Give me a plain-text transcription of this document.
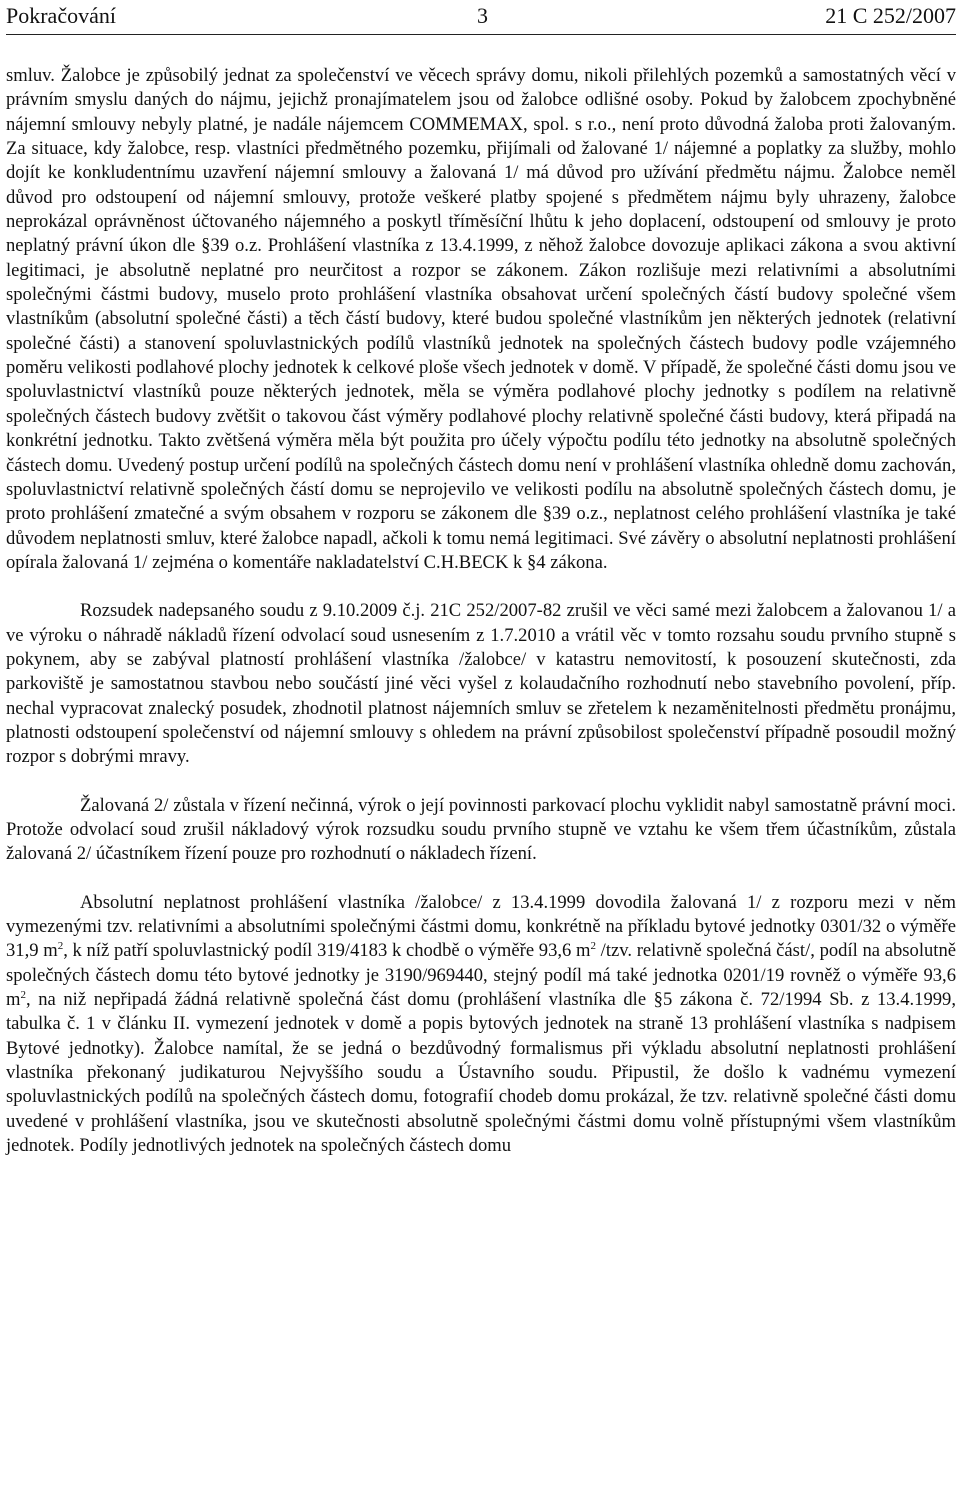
Pokračování	3	21 C 252/2007

smluv. Žalobce je způsobilý jednat za společenství ve věcech správy domu, nikoli přilehlých pozemků a samostatných věcí v právním smyslu daných do nájmu, jejichž pronajímatelem jsou od žalobce odlišné osoby. Pokud by žalobcem zpochybněné nájemní smlouvy nebyly platné, je nadále nájemcem COMMEMAX, spol. s r.o., není proto důvodná žaloba proti žalovaným. Za situace, kdy žalobce, resp. vlastníci předmětného pozemku, přijímali od žalované 1/ nájemné a poplatky za služby, mohlo dojít ke konkludentnímu uzavření nájemní smlouvy a žalovaná 1/ má důvod pro užívání předmětu nájmu. Žalobce neměl důvod pro odstoupení od nájemní smlouvy, protože veškeré platby spojené s předmětem nájmu byly uhrazeny, žalobce neprokázal oprávněnost účtovaného nájemného a poskytl tříměsíční lhůtu k jeho doplacení, odstoupení od smlouvy je proto neplatný právní úkon dle §39 o.z. Prohlášení vlastníka z 13.4.1999, z něhož žalobce dovozuje aplikaci zákona a svou aktivní legitimaci, je absolutně neplatné pro neurčitost a rozpor se zákonem. Zákon rozlišuje mezi relativními a absolutními společnými částmi budovy, muselo proto prohlášení vlastníka obsahovat určení společných částí budovy společné všem vlastníkům (absolutní společné části) a těch částí budovy, které budou společné vlastníkům jen některých jednotek (relativní společné části) a stanovení spoluvlastnických podílů vlastníků jednotek na společných částech budovy podle vzájemného poměru velikosti podlahové plochy jednotek k celkové ploše všech jednotek v domě. V případě, že společné části domu jsou ve spoluvlastnictví vlastníků pouze některých jednotek, měla se výměra podlahové plochy jednotky s podílem na relativně společných částech budovy zvětšit o takovou část výměry podlahové plochy relativně společné části budovy, která připadá na konkrétní jednotku. Takto zvětšená výměra měla být použita pro účely výpočtu podílu této jednotky na absolutně společných částech domu. Uvedený postup určení podílů na společných částech domu není v prohlášení vlastníka ohledně domu zachován, spoluvlastnictví relativně společných částí domu se neprojevilo ve velikosti podílu na absolutně společných částech domu, je proto prohlášení zmatečné a svým obsahem v rozporu se zákonem dle §39 o.z., neplatnost celého prohlášení vlastníka je také důvodem neplatnosti smluv, které žalobce napadl, ačkoli k tomu nemá legitimaci. Své závěry o absolutní neplatnosti prohlášení opírala žalovaná 1/ zejména o komentáře nakladatelství C.H.BECK k §4 zákona.

Rozsudek nadepsaného soudu z 9.10.2009 č.j. 21C 252/2007-82 zrušil ve věci samé mezi žalobcem a žalovanou 1/ a ve výroku o náhradě nákladů řízení odvolací soud usnesením z 1.7.2010 a vrátil věc v tomto rozsahu soudu prvního stupně s pokynem, aby se zabýval platností prohlášení vlastníka /žalobce/ v katastru nemovitostí, k posouzení skutečnosti, zda parkoviště je samostatnou stavbou nebo součástí jiné věci vyšel z kolaudačního rozhodnutí nebo stavebního povolení, příp. nechal vypracovat znalecký posudek, zhodnotil platnost nájemních smluv se zřetelem k nezaměnitelnosti předmětu pronájmu, platnosti odstoupení společenství od nájemní smlouvy s ohledem na právní způsobilost společenství případně posoudil možný rozpor s dobrými mravy.

Žalovaná 2/ zůstala v řízení nečinná, výrok o její povinnosti parkovací plochu vyklidit nabyl samostatně právní moci. Protože odvolací soud zrušil nákladový výrok rozsudku soudu prvního stupně ve vztahu ke všem třem účastníkům, zůstala žalovaná 2/ účastníkem řízení pouze pro rozhodnutí o nákladech řízení.

Absolutní neplatnost prohlášení vlastníka /žalobce/ z 13.4.1999 dovodila žalovaná 1/ z rozporu mezi v něm vymezenými tzv. relativními a absolutními společnými částmi domu, konkrétně na příkladu bytové jednotky 0301/32 o výměře 31,9 $m^2$, k níž patří spoluvlastnický podíl 319/4183 k chodbě o výměře 93,6 $m^2$ /tzv. relativně společná část/, podíl na absolutně společných částech domu této bytové jednotky je 3190/969440, stejný podíl má také jednotka 0201/19 rovněž o výměře 93,6 $m^2$, na niž nepřipadá žádná relativně společná část domu (prohlášení vlastníka dle §5 zákona č. 72/1994 Sb. z 13.4.1999, tabulka č. 1 v článku II. vymezení jednotek v domě a popis bytových jednotek na straně 13 prohlášení vlastníka s nadpisem Bytové jednotky). Žalobce namítal, že se jedná o bezdůvodný formalismus při výkladu absolutní neplatnosti prohlášení vlastníka překonaný judikaturou Nejvyššího soudu a Ústavního soudu. Připustil, že došlo k vadnému vymezení spoluvlastnických podílů na společných částech domu, fotografií chodeb domu prokázal, že tzv. relativně společné části domu uvedené v prohlášení vlastníka, jsou ve skutečnosti absolutně společnými částmi domu volně přístupnými všem vlastníkům jednotek. Podíly jednotlivých jednotek na společných částech domu
